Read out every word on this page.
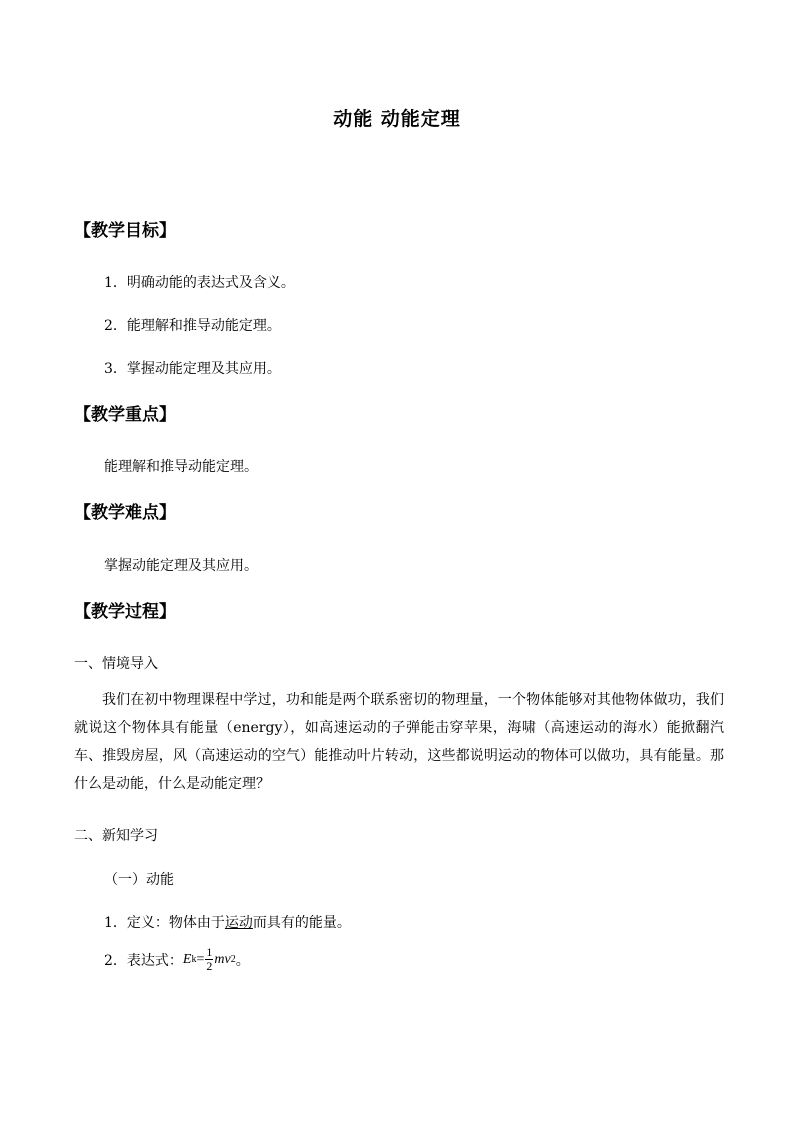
动能 动能定理
【教学目标】
1．明确动能的表达式及含义。
2．能理解和推导动能定理。
3．掌握动能定理及其应用。
【教学重点】
能理解和推导动能定理。
【教学难点】
掌握动能定理及其应用。
【教学过程】
一、情境导入
我们在初中物理课程中学过，功和能是两个联系密切的物理量，一个物体能够对其他物体做功，我们就说这个物体具有能量（energy），如高速运动的子弹能击穿苹果，海啸（高速运动的海水）能掀翻汽车、推毁房屋，风（高速运动的空气）能推动叶片转动，这些都说明运动的物体可以做功，具有能量。那什么是动能，什么是动能定理？
二、新知学习
（一）动能
1．定义：物体由于运动而具有的能量。
2．表达式： E $k = \frac{1}{2}$ mv 2 。
